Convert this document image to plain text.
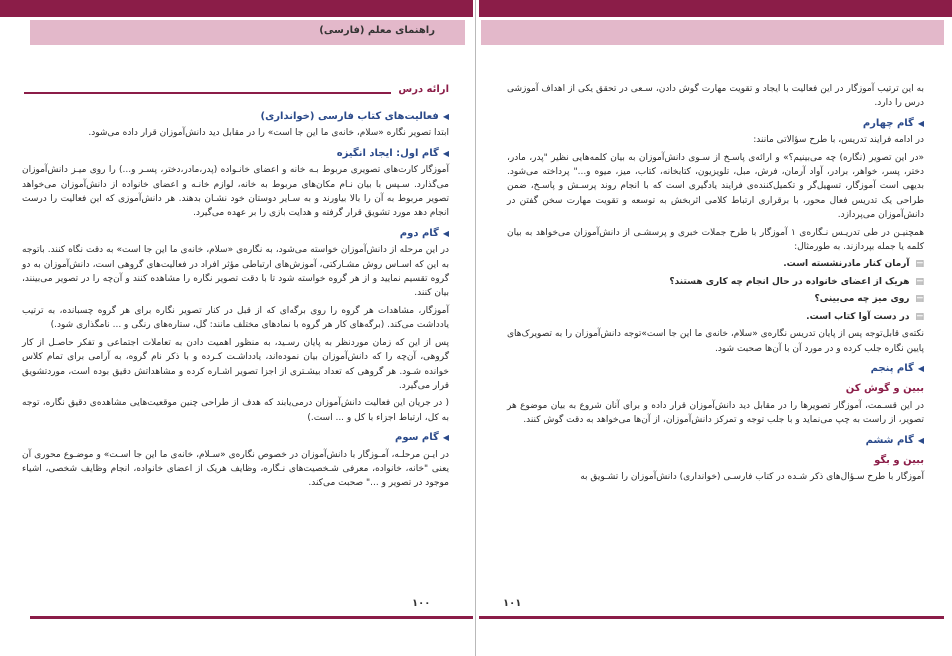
راهنمای معلم (فارسی)
ارائه درس
◀فعالیت‌های کتاب فارسی (خوانداری)

ابتدا تصویر نگاره «سلام، خانه‌ی ما این جا است» را در مقابل دید دانش‌آموزان قرار داده می‌شود.

◀گام اول: ایجاد انگیزه

آموزگار کارت‌های تصویری مربوط بـه خانه و اعضای خانـواده (پدر،مادر،دختر، پسـر و...) را روی میـز دانش‌آموزان می‌گذارد. سـپس با بیان نـام مکان‌های مربوط به خانه، لوازم خانـه و اعضای خانواده از دانش‌آموزان می‌خواهد تصویر مربوط به آن را بالا بیاورند و به سـایر دوستان خود نشـان بدهند. هر دانش‌آموزی که این فعالیت را درست انجام دهد مورد تشویق قرار گرفته و هدایت بازی را بر عهده می‌گیرد.

◀گام دوم

در این مرحله از دانش‌آموزان خواسته می‌شود، به نگاره‌ی «سلام، خانه‌ی ما این جا است» به دقت نگاه کنند. باتوجه به این که اسـاس روش مشـارکتی، آموزش‌های ارتباطی مؤثر افراد در فعالیت‌های گروهی است، دانش‌آموزان به دو گروه تقسیم نمایید و از هر گروه خواسته شود تا با دقت تصویر نگاره را مشاهده کنند و آن‌چه را در تصویر می‌بینند، بیان کنند.

آموزگار، مشاهدات هر گروه را روی برگه‌ای که از قبل در کنار تصویر نگاره برای هر گروه چسبانده، به ترتیب یادداشت می‌کند. (برگه‌های کار هر گروه با نمادهای مختلف مانند: گل، ستاره‌های رنگی و ... نامگذاری شود.)

پس از این که زمان موردنظر به پایان رسـید، به منظور اهمیت دادن به تعاملات اجتماعی و تفکر حاصـل از کار گروهی، آن‌چه را که دانش‌آموزان بیان نموده‌اند، یادداشـت کـرده و با ذکر نام گروه، به آرامی برای تمام کلاس خوانده شـود. هر گروهی که تعداد بیشـتری از اجزا تصویر اشـاره کرده و مشاهداتش دقیق بوده است، موردتشویق قرار می‌گیرد.

( در جریان این فعالیت دانش‌آموزان درمی‌یابند که هدف از طراحی چنین موقعیت‌هایی مشاهده‌ی دقیق نگاره، توجه به کل، ارتباط اجزاء با کل و ... است.)

◀گام سوم

در ایـن مرحلـه، آمـوزگار با دانش‌آموزان در خصوص نگاره‌ی «سـلام، خانه‌ی ما این جا اسـت» و موضـوع محوری آن یعنی "خانه، خانواده، معرفی شـخصیت‌های نـگاره، وظایف هریک از اعضای خانواده، انجام وظایف شخصی، اشیاء موجود در تصویر و ..." صحبت می‌کند.

۱۰۰

به این ترتیب آموزگار در این فعالیت با ایجاد و تقویت مهارت گوش دادن، سـعی در تحقق یکی از اهداف آموزشی درس را دارد.

◀گام چهارم

در ادامه فرایند تدریس، با طرح سؤالاتی مانند:

«در این تصویر (نگاره) چه می‌بینیم؟» و ارائه‌ی پاسـخ از سـوی دانش‌آموزان به بیان کلمه‌هایی نظیر "پدر، مادر، دختر، پسر، خواهر، برادر، آواد آرمان، فرش، مبل، تلویزیون، کتابخانه، کتاب، میز، میوه و..." پرداخته می‌شود. بدیهی است آموزگار، تسهیل‌گر و تکمیل‌کننده‌ی فرایند یادگیری است که با انجام روند پرسـش و پاسـخ، ضمن طراحی یک تدریس فعال محور، با برقراری ارتباط کلامی اثربخش به توسعه و تقویت مهارت سخن گفتن در دانش‌آموزان می‌پردازد.

همچنیـن در طی تدریـس نـگاره‌ی ۱ آموزگار با طرح جملات خبری و پرسشـی از دانش‌آموزان می‌خواهد به بیان کلمه یا جمله بپردازند. به طورمثال:

▤آرمان کنار مادرنشسته است.
▤هریک از اعضای خانواده در حال انجام چه کاری هستند؟
▤روی میز چه می‌بینی؟
▤در دست آوا کتاب است.

نکته‌ی قابل‌توجه پس از پایان تدریس نگاره‌ی «سلام، خانه‌ی ما این جا است»توجه دانش‌آموزان را به تصویرک‌های پایین نگاره جلب کرده و در مورد آن با آن‌ها صحبت شود.

◀گام پنجم
ببین و گوش کن

در این قسـمت، آموزگار تصویرها را در مقابل دید دانش‌آموزان قرار داده و برای آنان شروع به بیان موضوع هر تصویر، از راست به چپ می‌نماید و با جلب توجه و تمرکز دانش‌آموزان، از آن‌ها می‌خواهد به دقت گوش کنند.

◀گام ششم
ببین و بگو

آموزگار با طرح سـؤال‌های ذکر شـده در کتاب فارسـی (خوانداری) دانش‌آموزان را تشـویق به

۱۰۱
